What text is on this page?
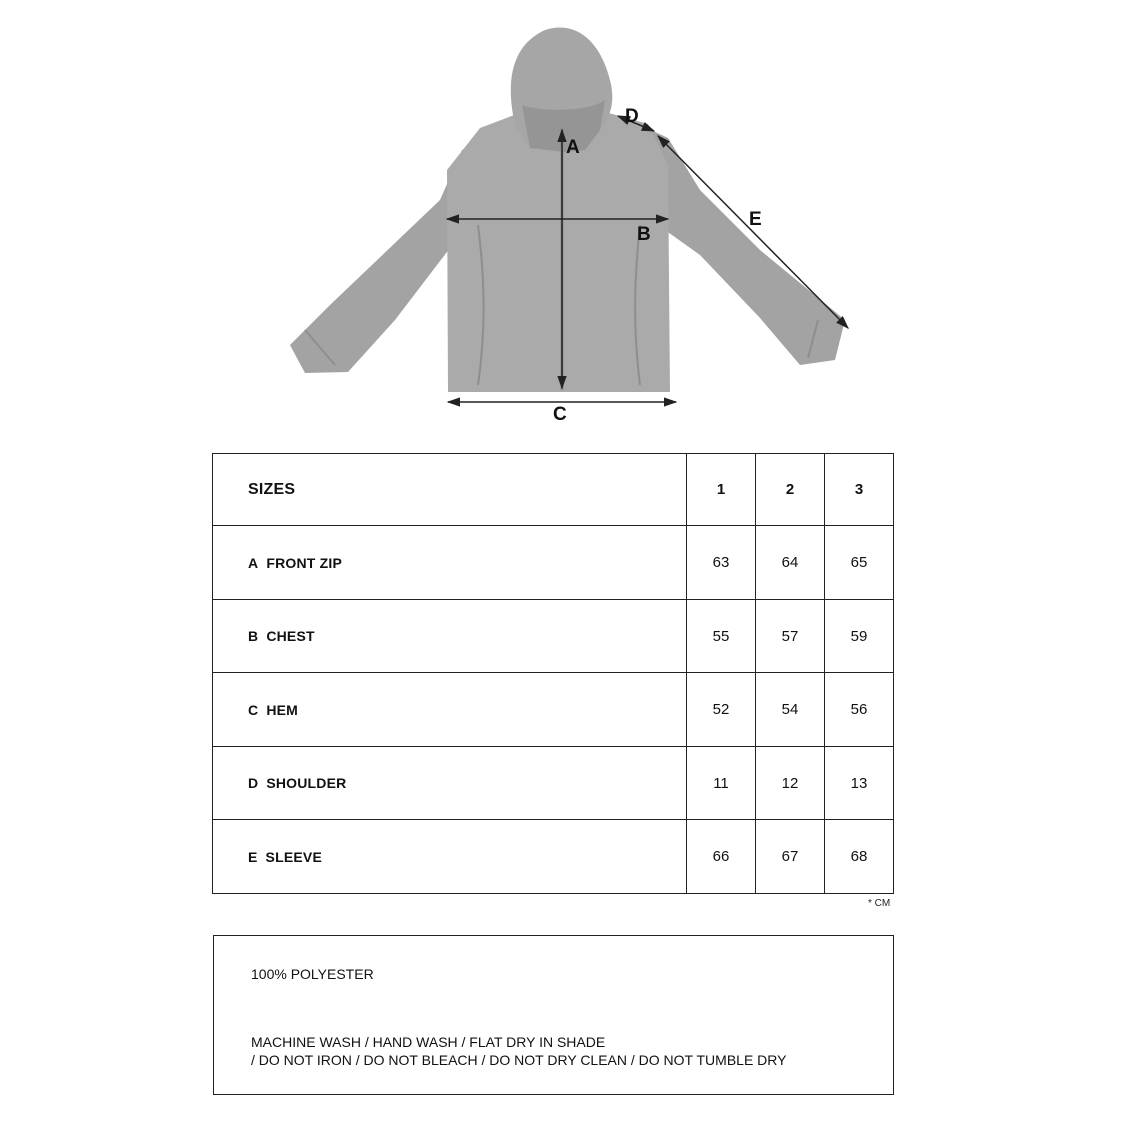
A
B
C
D
E
SIZES	1	2	3
A FRONT ZIP	63	64	65
B CHEST	55	57	59
C HEM	52	54	56
D SHOULDER	11	12	13
E SLEEVE	66	67	68
* CM
100% POLYESTER
MACHINE WASH / HAND WASH / FLAT DRY IN SHADE
/ DO NOT IRON / DO NOT BLEACH / DO NOT DRY CLEAN / DO NOT TUMBLE DRY
